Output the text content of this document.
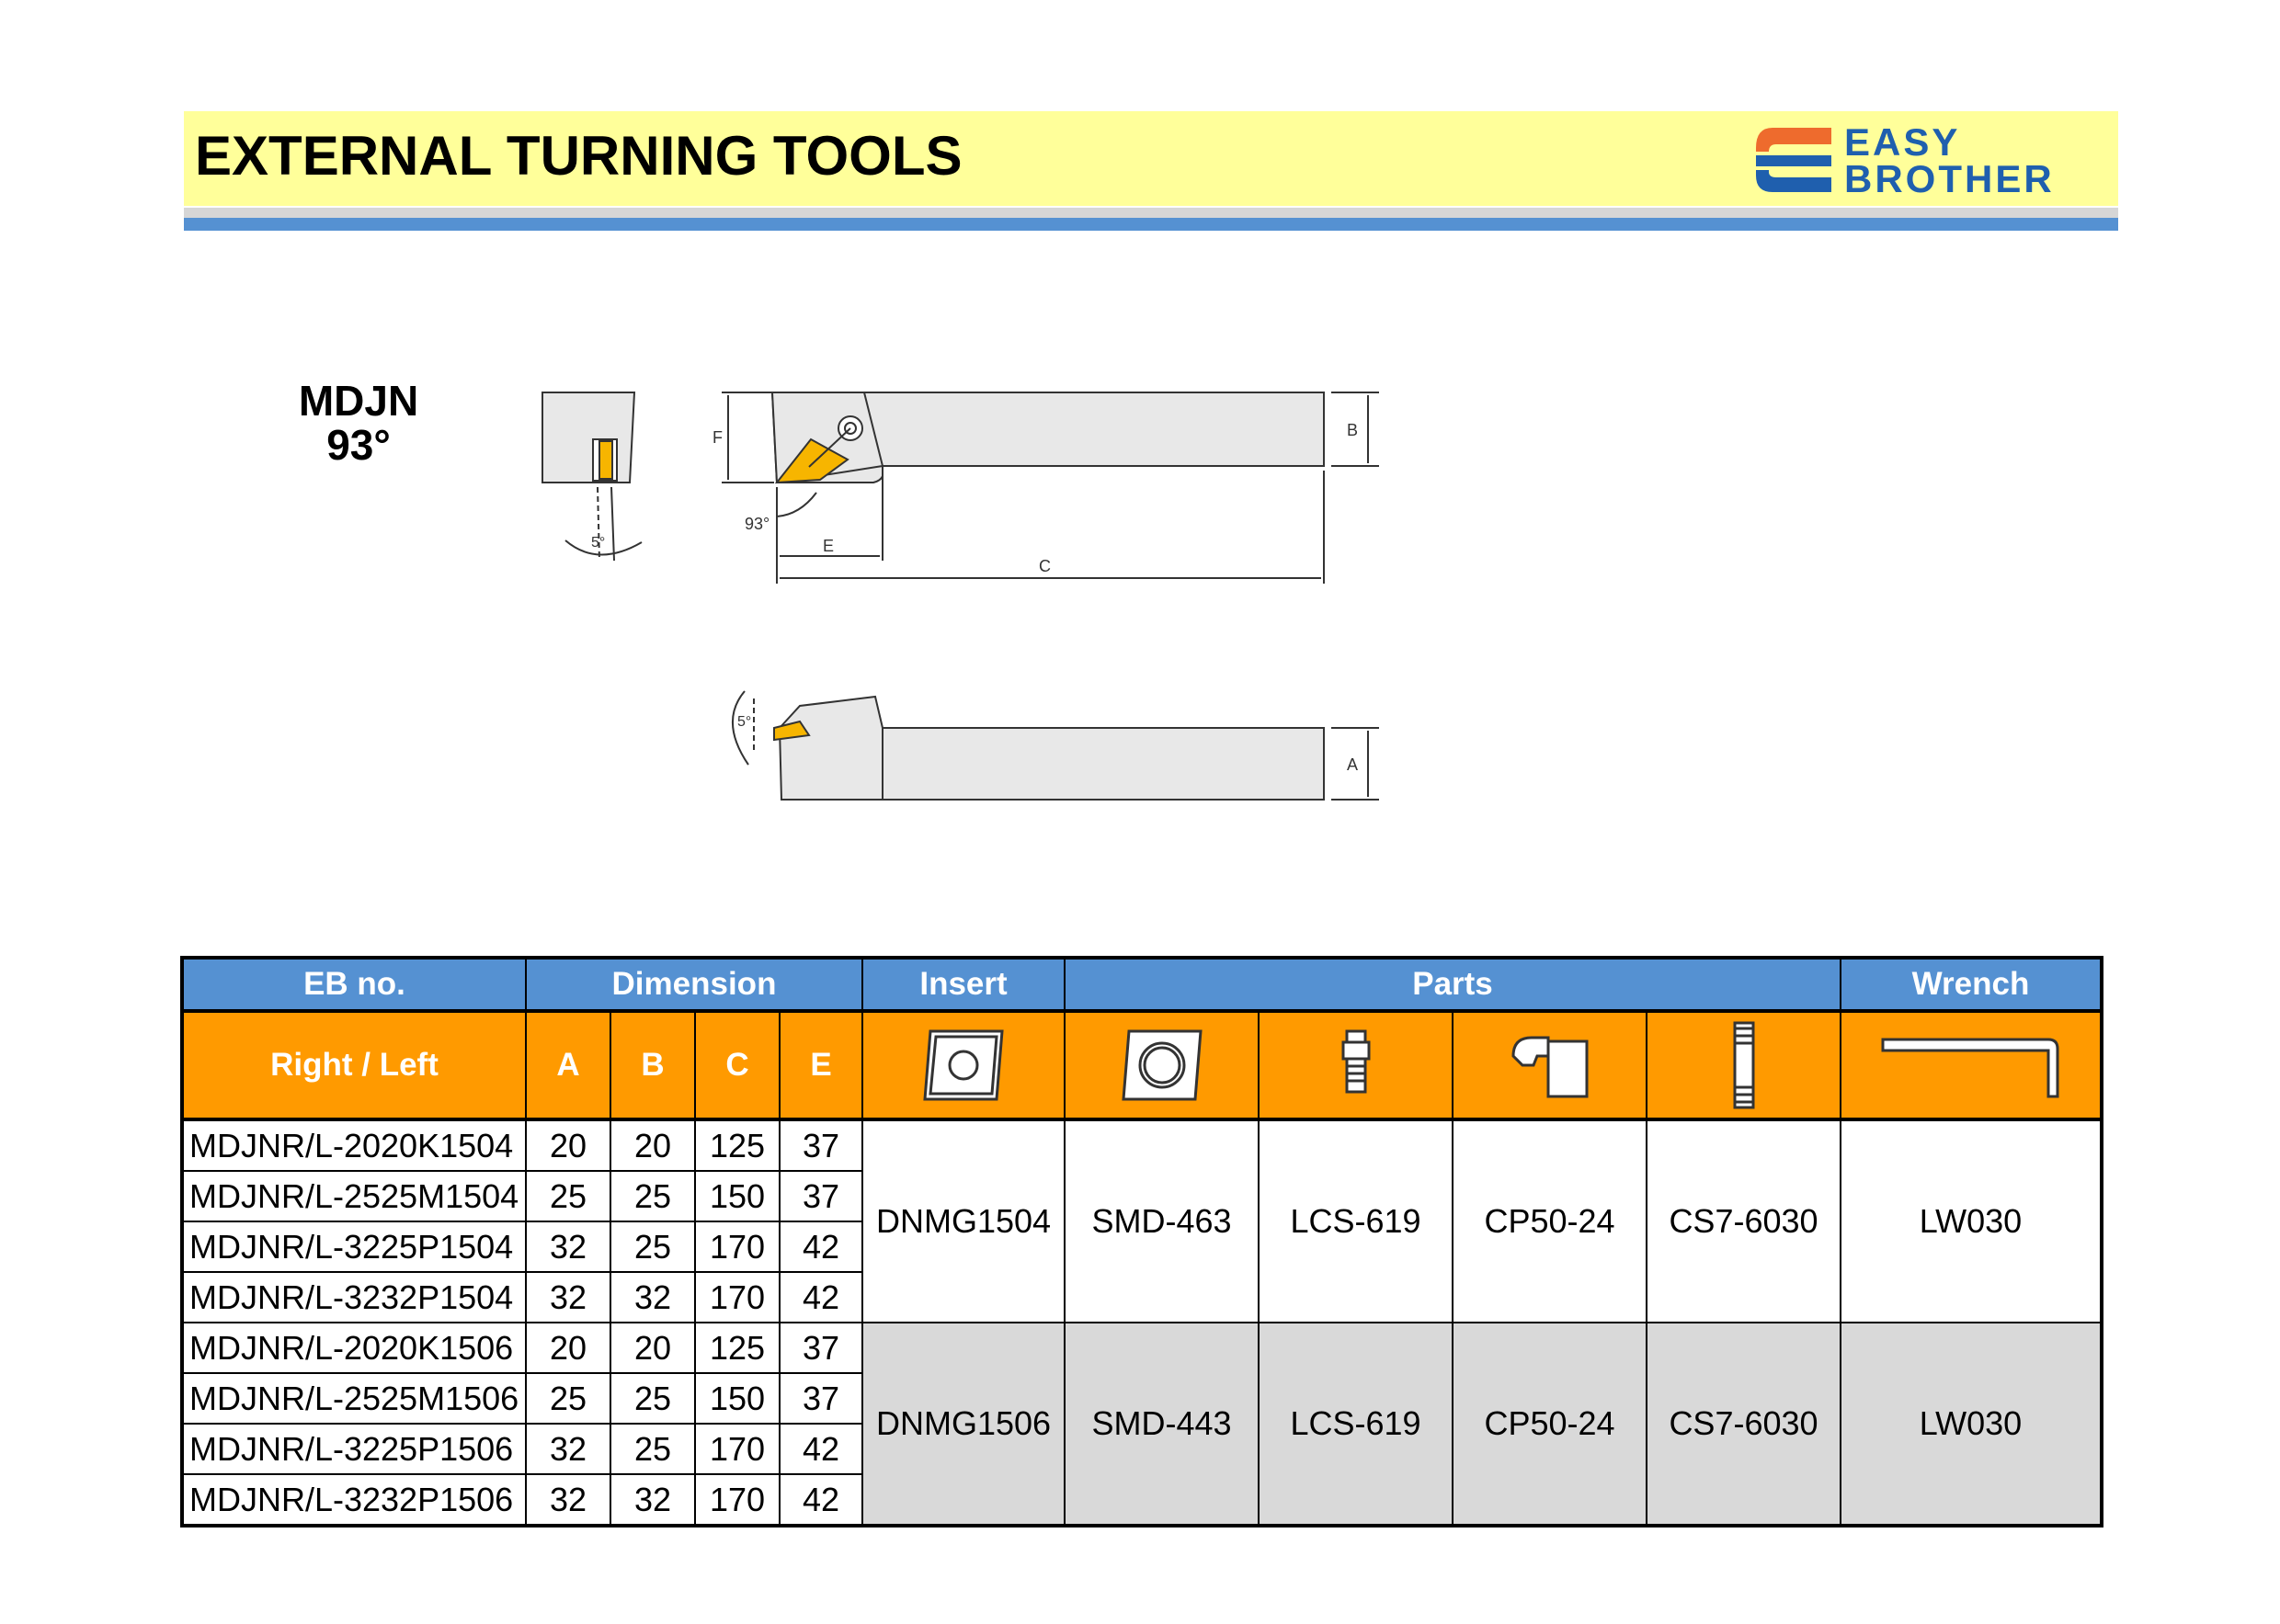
EXTERNAL TURNING TOOLS	EASY
BROTHER
MDJN
93°
5°
F	B
93°
E
C
5°
A
EB no.	Dimension				Insert	Parts				Wrench
Right / Left	A	B	C	E	

MDJNR/L-2020K1504	20	20	125	37	DNMG1504	SMD-463	LCS-619	CP50-24	CS7-6030	LW030
MDJNR/L-2525M1504	25	25	150	37						
MDJNR/L-3225P1504	32	25	170	42						
MDJNR/L-3232P1504	32	32	170	42						
MDJNR/L-2020K1506	20	20	125	37	DNMG1506	SMD-443	LCS-619	CP50-24	CS7-6030	LW030
MDJNR/L-2525M1506	25	25	150	37						
MDJNR/L-3225P1506	32	25	170	42						
MDJNR/L-3232P1506	32	32	170	42						
